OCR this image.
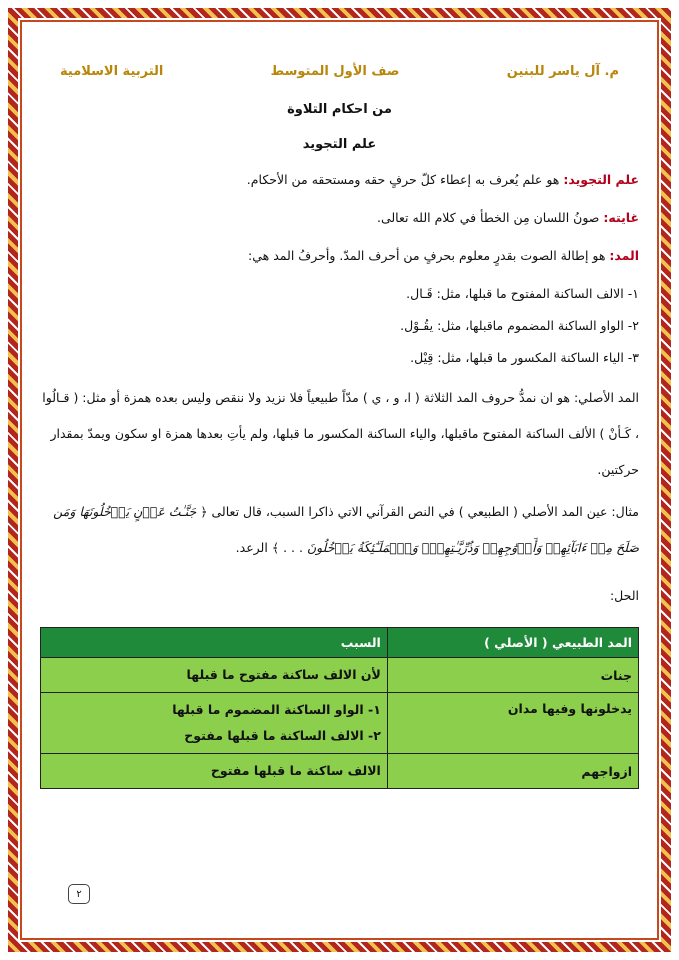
م. آل ياسر للبنين
صف الأول المتوسط
التربية الاسلامية
من احكام التلاوة
علم التجويد

علم التجويد: هو علم يُعرف به إعطاء كلّ حرفٍ حقه ومستحقه من الأحكام.

غايته: صونُ اللسان مِن الخطأ في كلام الله تعالى.

المد: هو إطالة الصوت بقدرٍ معلوم بحرفٍ من أحرف المدّ. وأحرفُ المد هي:

١- الالف الساكنة المفتوح ما قبلها، مثل: قَـال.
٢- الواو الساكنة المضموم ماقبلها، مثل: يقُـوْل.
٣- الياء الساكنة المكسور ما قبلها، مثل: قِيْل.
المد الأصلي: هو ان نمدُّ حروف المد الثلاثة ( ا، و ، ي ) مدّاً طبيعياً فلا نزيد ولا ننقص وليس بعده همزة أو مثل: ( قـالُوا ، كَـأنْ ) الألف الساكنة المفتوح ماقبلها، والياء الساكنة المكسور ما قبلها، ولم يأتِ بعدها همزة او سكون ويمدّ بمقدار حركتين.
مثال: عين المد الأصلي ( الطبيعي ) في النص القرآني الاتي ذاكرا السبب، قال تعالى ﴿ جَنَّـٰتُ عَدۡنٍ يَدۡخُلُونَهَا وَمَن صَلَحَ مِنۡ ءَابَآئِهِمۡ وَأَزۡوَٰجِهِمۡ وَذُرِّيَّـٰتِهِمۡۖ وَٱلۡمَلَـٰٓئِكَةُ يَدۡخُلُونَ . . . ﴾ الرعد.
الحل:
المد الطبيعي ( الأصلي )	السبب
جنات	لأن الالف ساكنة مفتوح ما قبلها

يدخلونها وفيها مدان	١- الواو الساكنة المضموم ما قبلها
٢- الالف الساكنة ما قبلها مفتوح

ازواجهم	الالف ساكنة ما قبلها مفتوح
٢
